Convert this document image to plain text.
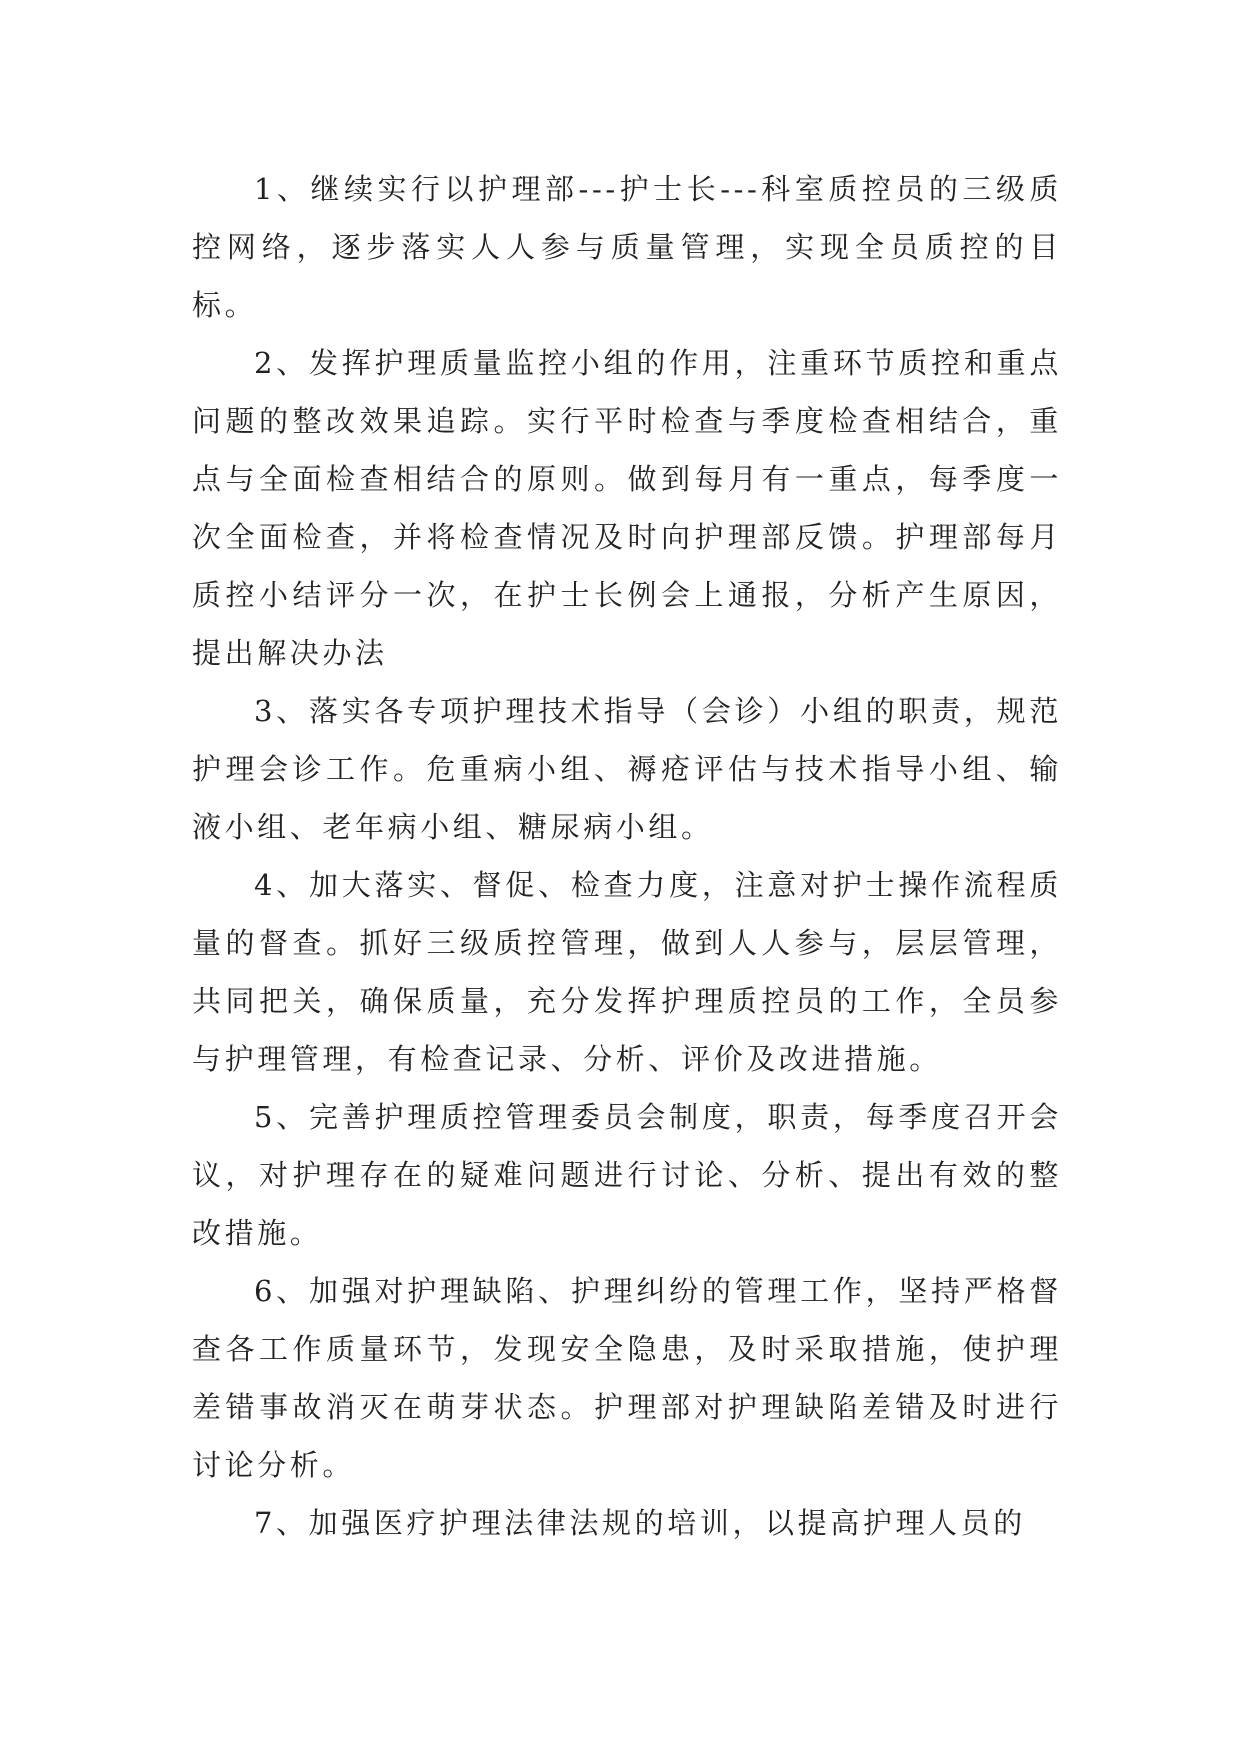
1、继续实行以护理部---护士长---科室质控员的三级质控网络，逐步落实人人参与质量管理，实现全员质控的目标。

2、发挥护理质量监控小组的作用，注重环节质控和重点问题的整改效果追踪。实行平时检查与季度检查相结合，重点与全面检查相结合的原则。做到每月有一重点，每季度一次全面检查，并将检查情况及时向护理部反馈。护理部每月质控小结评分一次，在护士长例会上通报，分析产生原因，提出解决办法

3、落实各专项护理技术指导（会诊）小组的职责，规范护理会诊工作。危重病小组、褥疮评估与技术指导小组、输液小组、老年病小组、糖尿病小组。

4、加大落实、督促、检查力度，注意对护士操作流程质量的督查。抓好三级质控管理，做到人人参与，层层管理，共同把关，确保质量，充分发挥护理质控员的工作，全员参与护理管理，有检查记录、分析、评价及改进措施。

5、完善护理质控管理委员会制度，职责，每季度召开会议，对护理存在的疑难问题进行讨论、分析、提出有效的整改措施。

6、加强对护理缺陷、护理纠纷的管理工作，坚持严格督查各工作质量环节，发现安全隐患，及时采取措施，使护理差错事故消灭在萌芽状态。护理部对护理缺陷差错及时进行讨论分析。

7、加强医疗护理法律法规的培训，以提高护理人员的
